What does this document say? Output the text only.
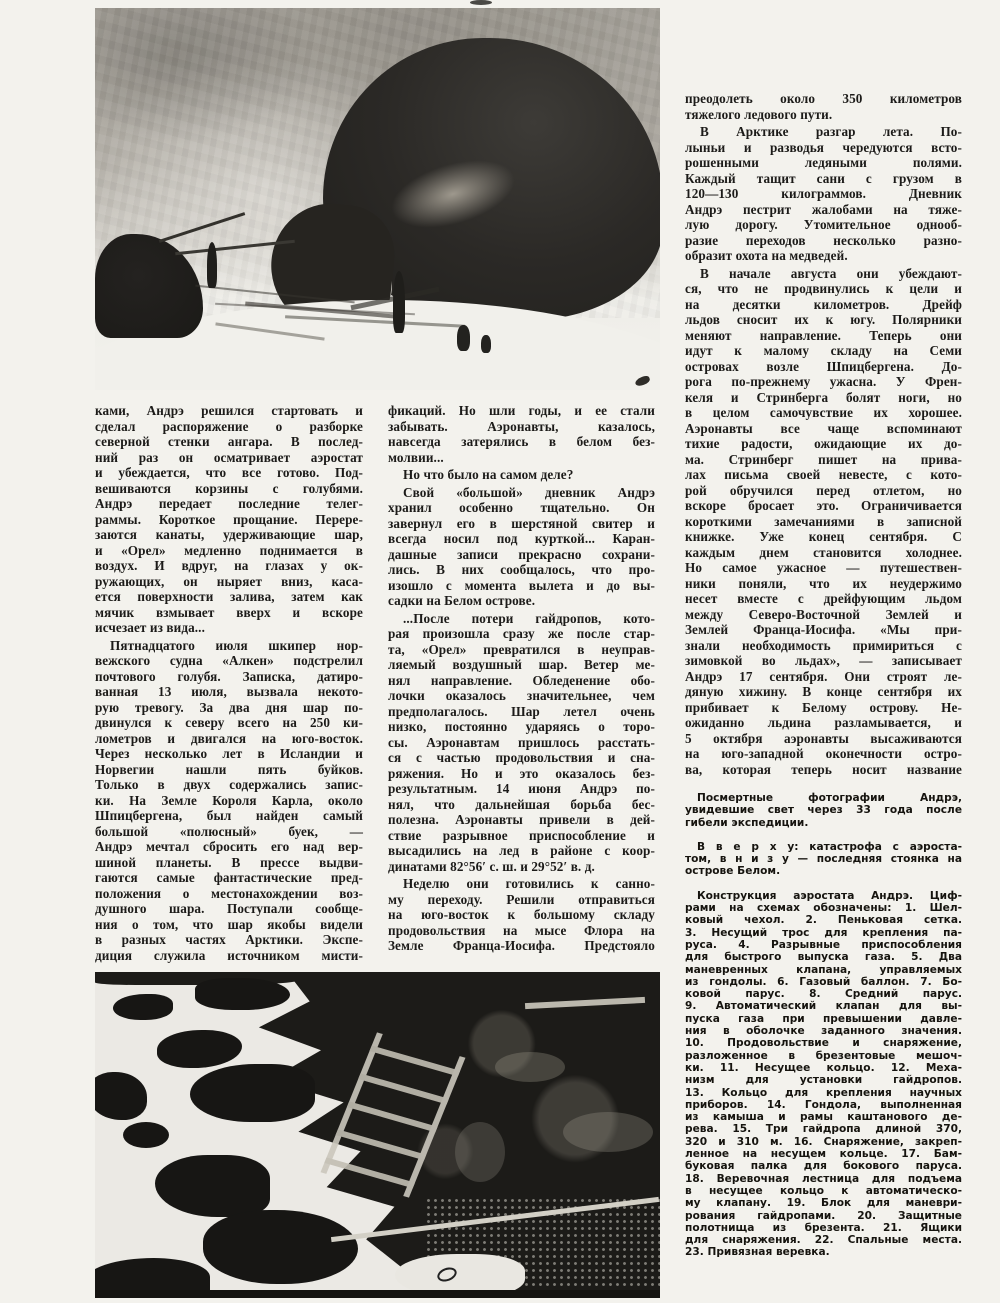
ками, Андрэ решился стартовать и
сделал распоряжение о разборке
северной стенки ангара. В послед-
ний раз он осматривает аэростат
и убеждается, что все готово. Под-
вешиваются корзины с голубями.
Андрэ передает последние телег-
раммы. Короткое прощание. Перере-
заются канаты, удерживающие шар,
и «Орел» медленно поднимается в
воздух. И вдруг, на глазах у ок-
ружающих, он ныряет вниз, каса-
ется поверхности залива, затем как
мячик взмывает вверх и вскоре
исчезает из вида...
Пятнадцатого июля шкипер нор-
вежского судна «Алкен» подстрелил
почтового голубя. Записка, датиро-
ванная 13 июля, вызвала некото-
рую тревогу. За два дня шар по-
двинулся к северу всего на 250 ки-
лометров и двигался на юго-восток.
Через несколько лет в Исландии и
Норвегии нашли пять буйков.
Только в двух содержались запис-
ки. На Земле Короля Карла, около
Шпицбергена, был найден самый
большой «полюсный» буек, —
Андрэ мечтал сбросить его над вер-
шиной планеты. В прессе выдви-
гаются самые фантастические пред-
положения о местонахождении воз-
душного шара. Поступали сообще-
ния о том, что шар якобы видели
в разных частях Арктики. Экспе-
диция служила источником мисти-
фикаций. Но шли годы, и ее стали
забывать. Аэронавты, казалось,
навсегда затерялись в белом без-
молвии...
Но что было на самом деле?
Свой «большой» дневник Андрэ
хранил особенно тщательно. Он
завернул его в шерстяной свитер и
всегда носил под курткой... Каран-
дашные записи прекрасно сохрани-
лись. В них сообщалось, что про-
изошло с момента вылета и до вы-
садки на Белом острове.
...После потери гайдропов, кото-
рая произошла сразу же после стар-
та, «Орел» превратился в неуправ-
ляемый воздушный шар. Ветер ме-
нял направление. Обледенение обо-
лочки оказалось значительнее, чем
предполагалось. Шар летел очень
низко, постоянно ударяясь о торо-
сы. Аэронавтам пришлось расстать-
ся с частью продовольствия и сна-
ряжения. Но и это оказалось без-
результатным. 14 июня Андрэ по-
нял, что дальнейшая борьба бес-
полезна. Аэронавты привели в дей-
ствие разрывное приспособление и
высадились на лед в районе с коор-
динатами 82°56′ с. ш. и 29°52′ в. д.
Неделю они готовились к санно-
му переходу. Решили отправиться
на юго-восток к большому складу
продовольствия на мысе Флора на
Земле Франца-Иосифа. Предстояло
преодолеть около 350 километров
тяжелого ледового пути.
В Арктике разгар лета. По-
лыньи и разводья чередуются всто-
рошенными ледяными полями.
Каждый тащит сани с грузом в
120—130 килограммов. Дневник
Андрэ пестрит жалобами на тяже-
лую дорогу. Утомительное однооб-
разие переходов несколько разно-
образит охота на медведей.
В начале августа они убеждают-
ся, что не продвинулись к цели и
на десятки километров. Дрейф
льдов сносит их к югу. Полярники
меняют направление. Теперь они
идут к малому складу на Семи
островах возле Шпицбергена. До-
рога по-прежнему ужасна. У Френ-
келя и Стринберга болят ноги, но
в целом самочувствие их хорошее.
Аэронавты все чаще вспоминают
тихие радости, ожидающие их до-
ма. Стринберг пишет на прива-
лах письма своей невесте, с кото-
рой обручился перед отлетом, но
вскоре бросает это. Ограничивается
короткими замечаниями в записной
книжке. Уже конец сентября. С
каждым днем становится холоднее.
Но самое ужасное — путешествен-
ники поняли, что их неудержимо
несет вместе с дрейфующим льдом
между Северо-Восточной Землей и
Землей Франца-Иосифа. «Мы при-
знали необходимость примириться с
зимовкой во льдах», — записывает
Андрэ 17 сентября. Они строят ле-
дяную хижину. В конце сентября их
прибивает к Белому острову. Не-
ожиданно льдина разламывается, и
5 октября аэронавты высаживаются
на юго-западной оконечности остро-
ва, которая теперь носит название
Посмертные фотографии Андрэ,
увидевшие свет через 33 года после
гибели экспедиции.
В в е р х у: катастрофа с аэроста-
том, в н и з у — последняя стоянка на
острове Белом.
Конструкция аэростата Андрэ. Циф-
рами на схемах обозначены: 1. Шел-
ковый чехол. 2. Пеньковая сетка.
3. Несущий трос для крепления па-
руса. 4. Разрывные приспособления
для быстрого выпуска газа. 5. Два
маневренных клапана, управляемых
из гондолы. 6. Газовый баллон. 7. Бо-
ковой парус. 8. Средний парус.
9. Автоматический клапан для вы-
пуска газа при превышении давле-
ния в оболочке заданного значения.
10. Продовольствие и снаряжение,
разложенное в брезентовые мешоч-
ки. 11. Несущее кольцо. 12. Меха-
низм для установки гайдропов.
13. Кольцо для крепления научных
приборов. 14. Гондола, выполненная
из камыша и рамы каштанового де-
рева. 15. Три гайдропа длиной 370,
320 и 310 м. 16. Снаряжение, закреп-
ленное на несущем кольце. 17. Бам-
буковая палка для бокового паруса.
18. Веревочная лестница для подъема
в несущее кольцо к автоматическо-
му клапану. 19. Блок для маневри-
рования гайдропами. 20. Защитные
полотнища из брезента. 21. Ящики
для снаряжения. 22. Спальные места.
23. Привязная веревка.
